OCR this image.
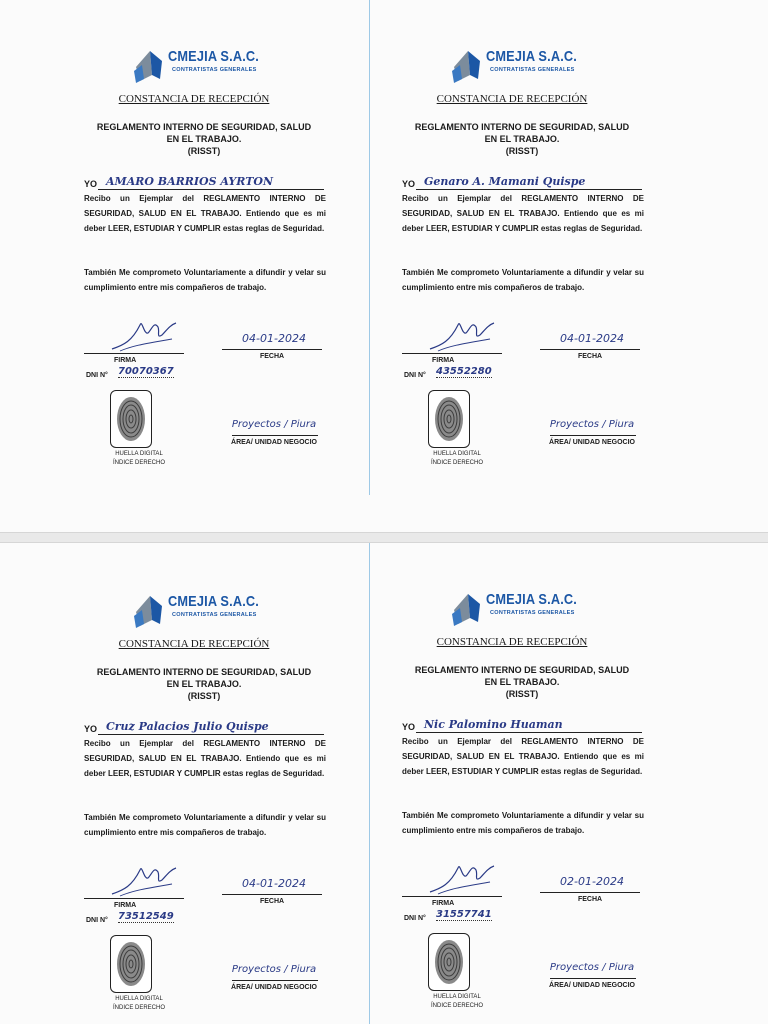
CMEJIA S.A.C.
CONTRATISTAS GENERALES
CONSTANCIA DE RECEPCIÓN
REGLAMENTO INTERNO DE SEGURIDAD, SALUD
EN EL TRABAJO.
(RISST)
YO AMARO BARRIOS AYRTON
Recibo un Ejemplar del REGLAMENTO INTERNO DE SEGURIDAD, SALUD EN EL TRABAJO. Entiendo que es mi deber LEER, ESTUDIAR Y CUMPLIR estas reglas de Seguridad.
También Me comprometo Voluntariamente a difundir y velar su cumplimiento entre mis compañeros de trabajo.
FIRMA
DNI N° 70070367
04-01-2024
FECHA
HUELLA DIGITAL
ÍNDICE DERECHO
Proyectos / Piura
ÁREA/ UNIDAD NEGOCIO
CMEJIA S.A.C.
CONTRATISTAS GENERALES
CONSTANCIA DE RECEPCIÓN
REGLAMENTO INTERNO DE SEGURIDAD, SALUD
EN EL TRABAJO.
(RISST)
YO Genaro A. Mamani Quispe
Recibo un Ejemplar del REGLAMENTO INTERNO DE SEGURIDAD, SALUD EN EL TRABAJO. Entiendo que es mi deber LEER, ESTUDIAR Y CUMPLIR estas reglas de Seguridad.
También Me comprometo Voluntariamente a difundir y velar su cumplimiento entre mis compañeros de trabajo.
FIRMA
DNI N° 43552280
04-01-2024
FECHA
HUELLA DIGITAL
ÍNDICE DERECHO
Proyectos / Piura
ÁREA/ UNIDAD NEGOCIO
CMEJIA S.A.C.
CONTRATISTAS GENERALES
CONSTANCIA DE RECEPCIÓN
REGLAMENTO INTERNO DE SEGURIDAD, SALUD
EN EL TRABAJO.
(RISST)
YO Cruz Palacios Julio Quispe
Recibo un Ejemplar del REGLAMENTO INTERNO DE SEGURIDAD, SALUD EN EL TRABAJO. Entiendo que es mi deber LEER, ESTUDIAR Y CUMPLIR estas reglas de Seguridad.
También Me comprometo Voluntariamente a difundir y velar su cumplimiento entre mis compañeros de trabajo.
FIRMA
DNI N° 73512549
04-01-2024
FECHA
HUELLA DIGITAL
ÍNDICE DERECHO
Proyectos / Piura
ÁREA/ UNIDAD NEGOCIO
CMEJIA S.A.C.
CONTRATISTAS GENERALES
CONSTANCIA DE RECEPCIÓN
REGLAMENTO INTERNO DE SEGURIDAD, SALUD
EN EL TRABAJO.
(RISST)
YO Nic Palomino Huaman
Recibo un Ejemplar del REGLAMENTO INTERNO DE SEGURIDAD, SALUD EN EL TRABAJO. Entiendo que es mi deber LEER, ESTUDIAR Y CUMPLIR estas reglas de Seguridad.
También Me comprometo Voluntariamente a difundir y velar su cumplimiento entre mis compañeros de trabajo.
FIRMA
DNI N° 31557741
02-01-2024
FECHA
HUELLA DIGITAL
ÍNDICE DERECHO
Proyectos / Piura
ÁREA/ UNIDAD NEGOCIO
